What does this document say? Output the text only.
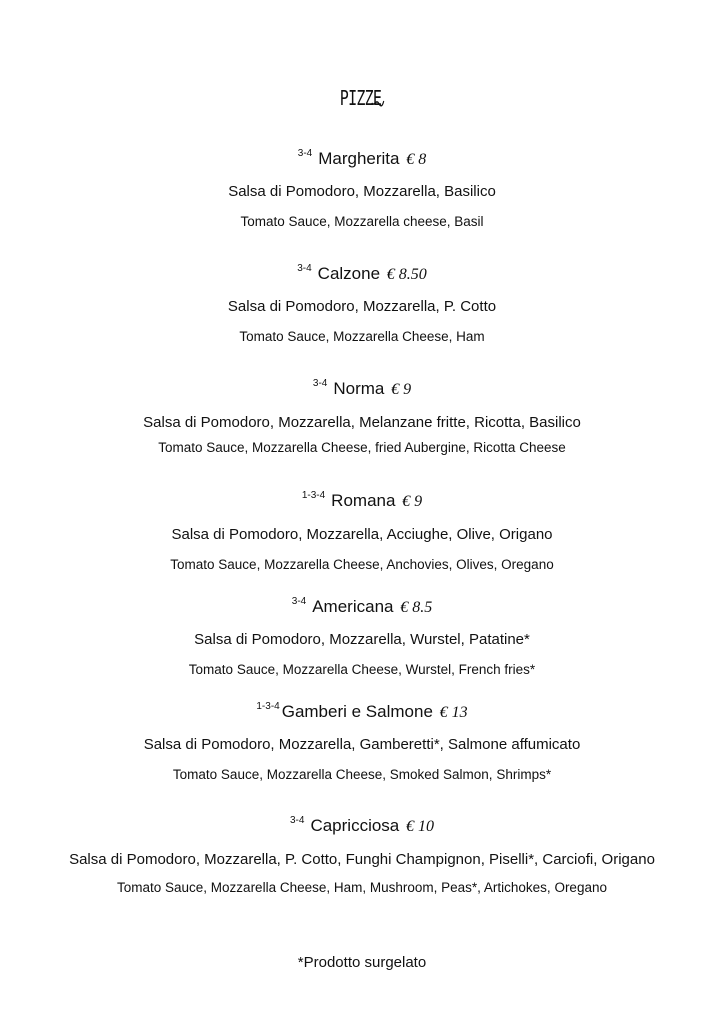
PIZZE
$^{3-4}$ Margherita € 8
Salsa di Pomodoro, Mozzarella, Basilico
Tomato Sauce, Mozzarella cheese, Basil
$^{3-4}$ Calzone € 8.50
Salsa di Pomodoro, Mozzarella, P. Cotto
Tomato Sauce, Mozzarella Cheese, Ham
$^{3-4}$ Norma € 9
Salsa di Pomodoro, Mozzarella, Melanzane fritte, Ricotta, Basilico
Tomato Sauce, Mozzarella Cheese, fried Aubergine, Ricotta Cheese
$^{1-3-4}$ Romana € 9
Salsa di Pomodoro, Mozzarella, Acciughe, Olive, Origano
Tomato Sauce, Mozzarella Cheese, Anchovies, Olives, Oregano
$^{3-4}$ Americana € 8.5
Salsa di Pomodoro, Mozzarella, Wurstel, Patatine*
Tomato Sauce, Mozzarella Cheese, Wurstel, French fries*
$^{1-3-4}$ Gamberi e Salmone € 13
Salsa di Pomodoro, Mozzarella, Gamberetti*, Salmone affumicato
Tomato Sauce, Mozzarella Cheese, Smoked Salmon, Shrimps*
$^{3-4}$ Capricciosa € 10
Salsa di Pomodoro, Mozzarella, P. Cotto, Funghi Champignon, Piselli*, Carciofi, Origano
Tomato Sauce, Mozzarella Cheese, Ham, Mushroom, Peas*, Artichokes, Oregano
*Prodotto surgelato
